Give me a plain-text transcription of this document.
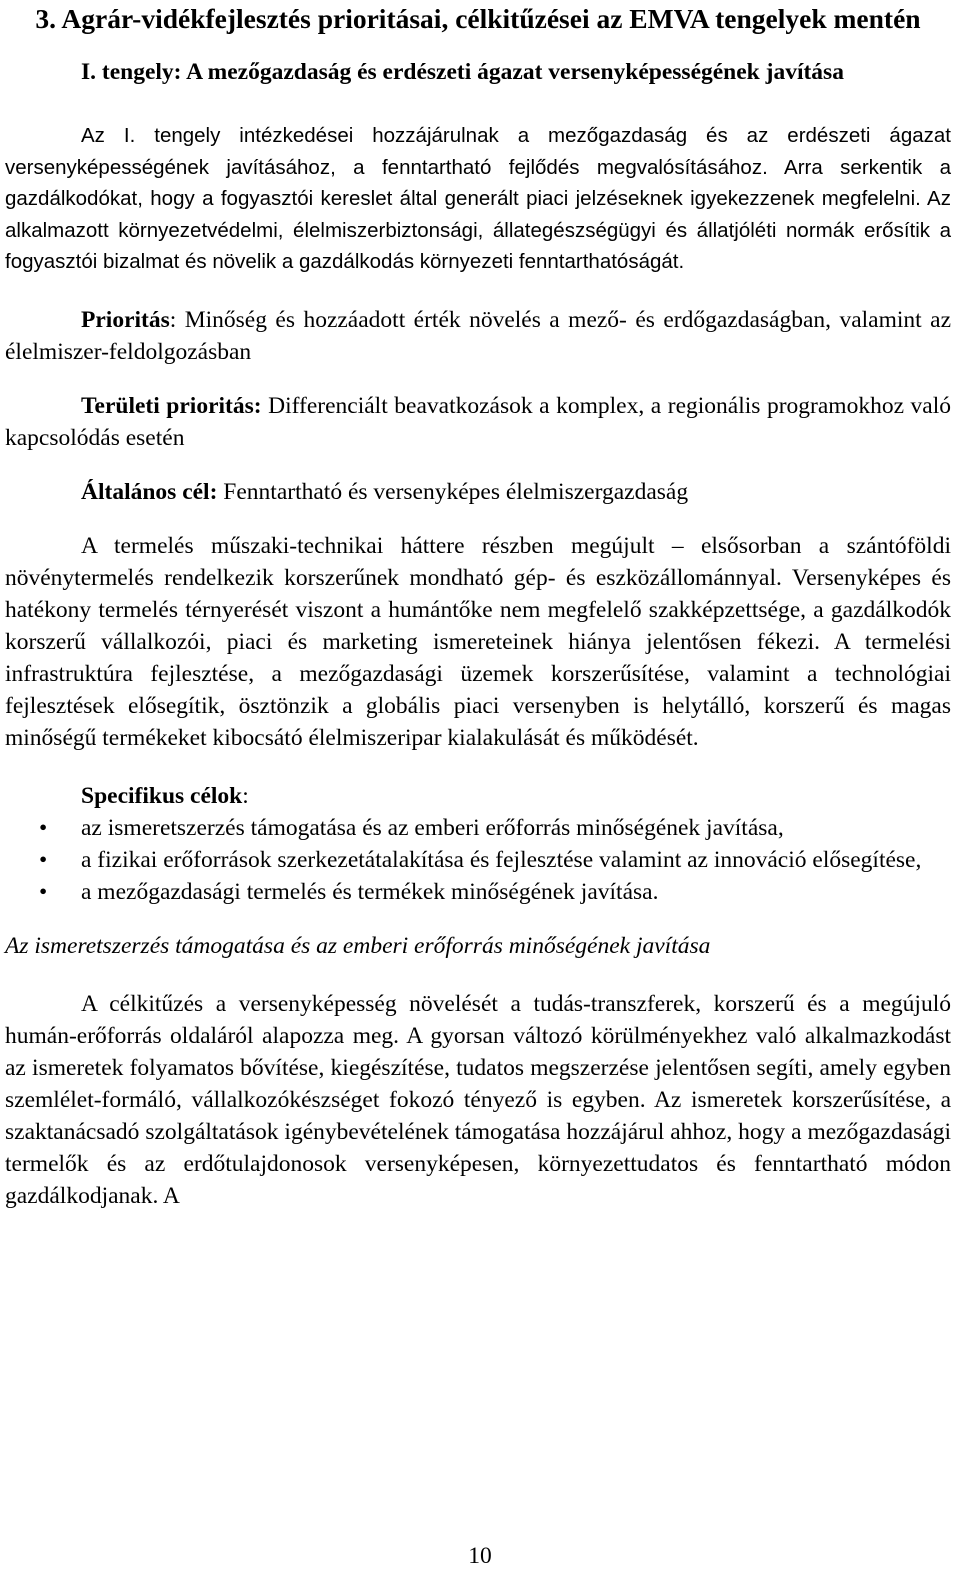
3. Agrár-vidékfejlesztés prioritásai, célkitűzései az EMVA tengelyek mentén

I. tengely: A mezőgazdaság és erdészeti ágazat versenyképességének javítása

Az I. tengely intézkedései hozzájárulnak a mezőgazdaság és az erdészeti ágazat versenyképességének javításához, a fenntartható fejlődés megvalósításához. Arra serkentik a gazdálkodókat, hogy a fogyasztói kereslet által generált piaci jelzéseknek igyekezzenek megfelelni. Az alkalmazott környezetvédelmi, élelmiszerbiztonsági, állategészségügyi és állatjóléti normák erősítik a fogyasztói bizalmat és növelik a gazdálkodás környezeti fenntarthatóságát.

Prioritás: Minőség és hozzáadott érték növelés a mező- és erdőgazdaságban, valamint az élelmiszer-feldolgozásban

Területi prioritás: Differenciált beavatkozások a komplex, a regionális programokhoz való kapcsolódás esetén

Általános cél: Fenntartható és versenyképes élelmiszergazdaság

A termelés műszaki-technikai háttere részben megújult – elsősorban a szántóföldi növénytermelés rendelkezik korszerűnek mondható gép- és eszközállománnyal. Versenyképes és hatékony termelés térnyerését viszont a humántőke nem megfelelő szakképzettsége, a gazdálkodók korszerű vállalkozói, piaci és marketing ismereteinek hiánya jelentősen fékezi. A termelési infrastruktúra fejlesztése, a mezőgazdasági üzemek korszerűsítése, valamint a technológiai fejlesztések elősegítik, ösztönzik a globális piaci versenyben is helytálló, korszerű és magas minőségű termékeket kibocsátó élelmiszeripar kialakulását és működését.

Specifikus célok:

• az ismeretszerzés támogatása és az emberi erőforrás minőségének javítása,
• a fizikai erőforrások szerkezetátalakítása és fejlesztése valamint az innováció elősegítése,
• a mezőgazdasági termelés és termékek minőségének javítása.

Az ismeretszerzés támogatása és az emberi erőforrás minőségének javítása

A célkitűzés a versenyképesség növelését a tudás-transzferek, korszerű és a megújuló humán-erőforrás oldaláról alapozza meg. A gyorsan változó körülményekhez való alkalmazkodást az ismeretek folyamatos bővítése, kiegészítése, tudatos megszerzése jelentősen segíti, amely egyben szemlélet-formáló, vállalkozókészséget fokozó tényező is egyben. Az ismeretek korszerűsítése, a szaktanácsadó szolgáltatások igénybevételének támogatása hozzájárul ahhoz, hogy a mezőgazdasági termelők és az erdőtulajdonosok versenyképesen, környezettudatos és fenntartható módon gazdálkodjanak. A

10
